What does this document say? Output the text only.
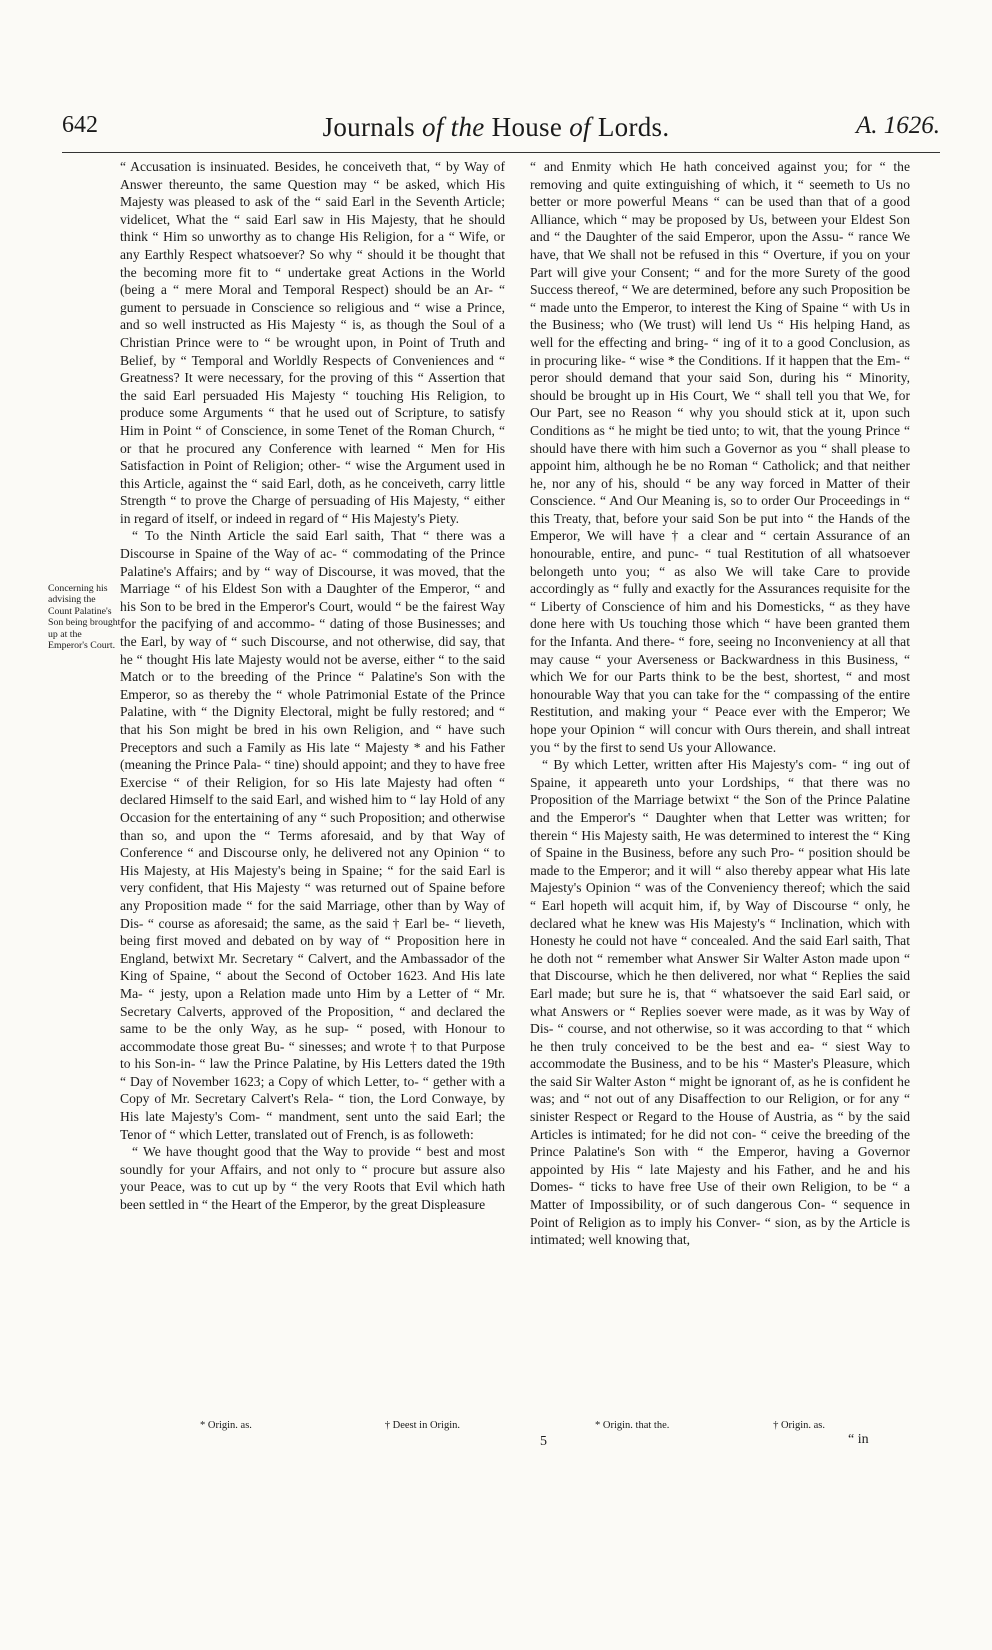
642	Journals of the House of Lords.	A. 1626.
Concerning his advising the Count Palatine's Son being brought up at the Emperor's Court.

“ Accusation is insinuated. Besides, he conceiveth that, “ by Way of Answer thereunto, the same Question may “ be asked, which His Majesty was pleased to ask of the “ said Earl in the Seventh Article; videlicet, What the “ said Earl saw in His Majesty, that he should think “ Him so unworthy as to change His Religion, for a “ Wife, or any Earthly Respect whatsoever? So why “ should it be thought that the becoming more fit to “ undertake great Actions in the World (being a “ mere Moral and Temporal Respect) should be an Ar- “ gument to persuade in Conscience so religious and “ wise a Prince, and so well instructed as His Majesty “ is, as though the Soul of a Christian Prince were to “ be wrought upon, in Point of Truth and Belief, by “ Temporal and Worldly Respects of Conveniences and “ Greatness? It were necessary, for the proving of this “ Assertion that the said Earl persuaded His Majesty “ touching His Religion, to produce some Arguments “ that he used out of Scripture, to satisfy Him in Point “ of Conscience, in some Tenet of the Roman Church, “ or that he procured any Conference with learned “ Men for His Satisfaction in Point of Religion; other- “ wise the Argument used in this Article, against the “ said Earl, doth, as he conceiveth, carry little Strength “ to prove the Charge of persuading of His Majesty, “ either in regard of itself, or indeed in regard of “ His Majesty's Piety.

“ To the Ninth Article the said Earl saith, That “ there was a Discourse in Spaine of the Way of ac- “ commodating of the Prince Palatine's Affairs; and by “ way of Discourse, it was moved, that the Marriage “ of his Eldest Son with a Daughter of the Emperor, “ and his Son to be bred in the Emperor's Court, would “ be the fairest Way for the pacifying of and accommo- “ dating of those Businesses; and the Earl, by way of “ such Discourse, and not otherwise, did say, that he “ thought His late Majesty would not be averse, either “ to the said Match or to the breeding of the Prince “ Palatine's Son with the Emperor, so as thereby the “ whole Patrimonial Estate of the Prince Palatine, with “ the Dignity Electoral, might be fully restored; and “ that his Son might be bred in his own Religion, and “ have such Preceptors and such a Family as His late “ Majesty * and his Father (meaning the Prince Pala- “ tine) should appoint; and they to have free Exercise “ of their Religion, for so His late Majesty had often “ declared Himself to the said Earl, and wished him to “ lay Hold of any Occasion for the entertaining of any “ such Proposition; and otherwise than so, and upon the “ Terms aforesaid, and by that Way of Conference “ and Discourse only, he delivered not any Opinion “ to His Majesty, at His Majesty's being in Spaine; “ for the said Earl is very confident, that His Majesty “ was returned out of Spaine before any Proposition made “ for the said Marriage, other than by Way of Dis- “ course as aforesaid; the same, as the said † Earl be- “ lieveth, being first moved and debated on by way of “ Proposition here in England, betwixt Mr. Secretary “ Calvert, and the Ambassador of the King of Spaine, “ about the Second of October 1623. And His late Ma- “ jesty, upon a Relation made unto Him by a Letter of “ Mr. Secretary Calverts, approved of the Proposition, “ and declared the same to be the only Way, as he sup- “ posed, with Honour to accommodate those great Bu- “ sinesses; and wrote † to that Purpose to his Son-in- “ law the Prince Palatine, by His Letters dated the 19th “ Day of November 1623; a Copy of which Letter, to- “ gether with a Copy of Mr. Secretary Calvert's Rela- “ tion, the Lord Conwaye, by His late Majesty's Com- “ mandment, sent unto the said Earl; the Tenor of “ which Letter, translated out of French, is as followeth:

“ We have thought good that the Way to provide “ best and most soundly for your Affairs, and not only to “ procure but assure also your Peace, was to cut up by “ the very Roots that Evil which hath been settled in “ the Heart of the Emperor, by the great Displeasure

“ and Enmity which He hath conceived against you; for “ the removing and quite extinguishing of which, it “ seemeth to Us no better or more powerful Means “ can be used than that of a good Alliance, which “ may be proposed by Us, between your Eldest Son and “ the Daughter of the said Emperor, upon the Assu- “ rance We have, that We shall not be refused in this “ Overture, if you on your Part will give your Consent; “ and for the more Surety of the good Success thereof, “ We are determined, before any such Proposition be “ made unto the Emperor, to interest the King of Spaine “ with Us in the Business; who (We trust) will lend Us “ His helping Hand, as well for the effecting and bring- “ ing of it to a good Conclusion, as in procuring like- “ wise * the Conditions. If it happen that the Em- “ peror should demand that your said Son, during his “ Minority, should be brought up in His Court, We “ shall tell you that We, for Our Part, see no Reason “ why you should stick at it, upon such Conditions as “ he might be tied unto; to wit, that the young Prince “ should have there with him such a Governor as you “ shall please to appoint him, although he be no Roman “ Catholick; and that neither he, nor any of his, should “ be any way forced in Matter of their Conscience. “ And Our Meaning is, so to order Our Proceedings in “ this Treaty, that, before your said Son be put into “ the Hands of the Emperor, We will have † a clear and “ certain Assurance of an honourable, entire, and punc- “ tual Restitution of all whatsoever belongeth unto you; “ as also We will take Care to provide accordingly as “ fully and exactly for the Assurances requisite for the “ Liberty of Conscience of him and his Domesticks, “ as they have done here with Us touching those which “ have been granted them for the Infanta. And there- “ fore, seeing no Inconveniency at all that may cause “ your Averseness or Backwardness in this Business, “ which We for our Parts think to be the best, shortest, “ and most honourable Way that you can take for the “ compassing of the entire Restitution, and making your “ Peace ever with the Emperor; We hope your Opinion “ will concur with Ours therein, and shall intreat you “ by the first to send Us your Allowance.

“ By which Letter, written after His Majesty's com- “ ing out of Spaine, it appeareth unto your Lordships, “ that there was no Proposition of the Marriage betwixt “ the Son of the Prince Palatine and the Emperor's “ Daughter when that Letter was written; for therein “ His Majesty saith, He was determined to interest the “ King of Spaine in the Business, before any such Pro- “ position should be made to the Emperor; and it will “ also thereby appear what His late Majesty's Opinion “ was of the Conveniency thereof; which the said “ Earl hopeth will acquit him, if, by Way of Discourse “ only, he declared what he knew was His Majesty's “ Inclination, which with Honesty he could not have “ concealed. And the said Earl saith, That he doth not “ remember what Answer Sir Walter Aston made upon “ that Discourse, which he then delivered, nor what “ Replies the said Earl made; but sure he is, that “ whatsoever the said Earl said, or what Answers or “ Replies soever were made, as it was by Way of Dis- “ course, and not otherwise, so it was according to that “ which he then truly conceived to be the best and ea- “ siest Way to accommodate the Business, and to be his “ Master's Pleasure, which the said Sir Walter Aston “ might be ignorant of, as he is confident he was; and “ not out of any Disaffection to our Religion, or for any “ sinister Respect or Regard to the House of Austria, as “ by the said Articles is intimated; for he did not con- “ ceive the breeding of the Prince Palatine's Son with “ the Emperor, having a Governor appointed by His “ late Majesty and his Father, and he and his Domes- “ ticks to have free Use of their own Religion, to be “ a Matter of Impossibility, or of such dangerous Con- “ sequence in Point of Religion as to imply his Conver- “ sion, as by the Article is intimated; well knowing that,

* Origin. as.	† Deest in Origin.	* Origin. that the.	† Origin. as.
5	“ in
